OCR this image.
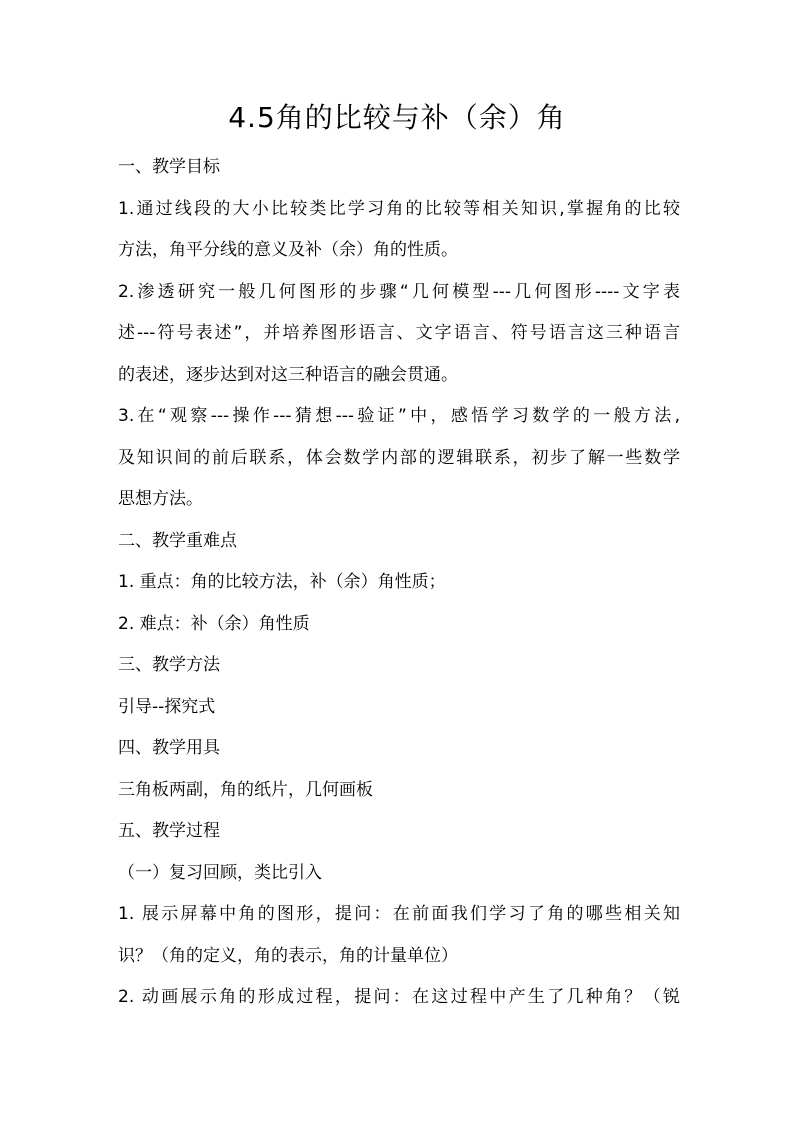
4.5角的比较与补（余）角
一、教学目标
1.通过线段的大小比较类比学习角的比较等相关知识,掌握角的比较
方法，角平分线的意义及补（余）角的性质。
2.渗透研究一般几何图形的步骤“几何模型---几何图形----文字表
述---符号表述”，并培养图形语言、文字语言、符号语言这三种语言
的表述，逐步达到对这三种语言的融会贯通。
3.在“观察---操作---猜想---验证”中，感悟学习数学的一般方法,
及知识间的前后联系，体会数学内部的逻辑联系，初步了解一些数学
思想方法。
二、教学重难点
1. 重点：角的比较方法，补（余）角性质；
2. 难点：补（余）角性质
三、教学方法
引导--探究式
四、教学用具
三角板两副，角的纸片，几何画板
五、教学过程
（一）复习回顾，类比引入
1. 展示屏幕中角的图形，提问：在前面我们学习了角的哪些相关知
识？（角的定义，角的表示，角的计量单位）
2. 动画展示角的形成过程，提问：在这过程中产生了几种角？（锐
